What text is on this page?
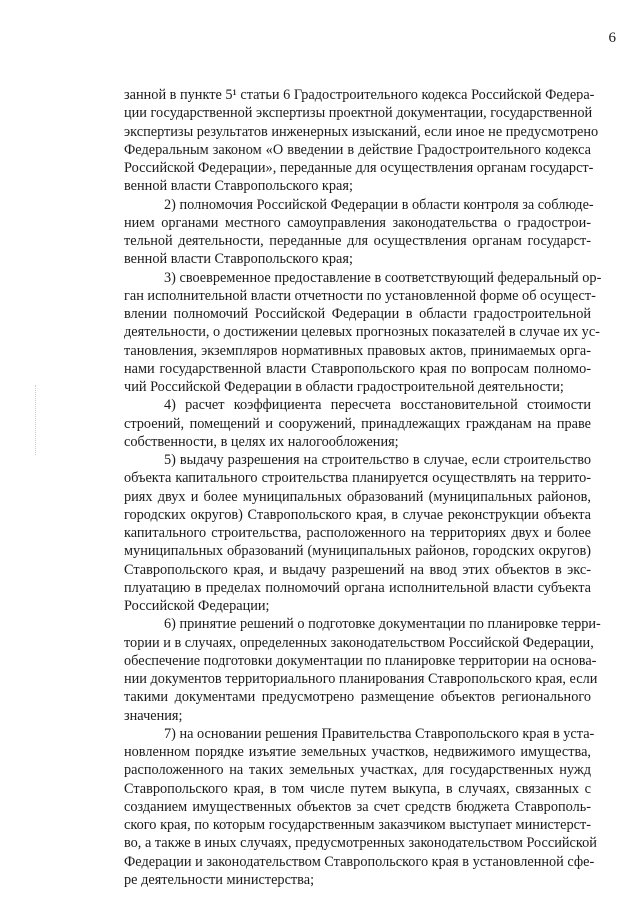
6

занной в пункте 5¹ статьи 6 Градостроительного кодекса Российской Федера-
ции государственной экспертизы проектной документации, государственной
экспертизы результатов инженерных изысканий, если иное не предусмотрено
Федеральным законом «О введении в действие Градостроительного кодекса
Российской Федерации», переданные для осуществления органам государст-
венной власти Ставропольского края;

2) полномочия Российской Федерации в области контроля за соблюде-
нием органами местного самоуправления законодательства о градострои-
тельной деятельности, переданные для осуществления органам государст-
венной власти Ставропольского края;

3) своевременное предоставление в соответствующий федеральный ор-
ган исполнительной власти отчетности по установленной форме об осущест-
влении полномочий Российской Федерации в области градостроительной
деятельности, о достижении целевых прогнозных показателей в случае их ус-
тановления, экземпляров нормативных правовых актов, принимаемых орга-
нами государственной власти Ставропольского края по вопросам полномо-
чий Российской Федерации в области градостроительной деятельности;

4) расчет коэффициента пересчета восстановительной стоимости
строений, помещений и сооружений, принадлежащих гражданам на праве
собственности, в целях их налогообложения;

5) выдачу разрешения на строительство в случае, если строительство
объекта капитального строительства планируется осуществлять на террито-
риях двух и более муниципальных образований (муниципальных районов,
городских округов) Ставропольского края, в случае реконструкции объекта
капитального строительства, расположенного на территориях двух и более
муниципальных образований (муниципальных районов, городских округов)
Ставропольского края, и выдачу разрешений на ввод этих объектов в экс-
плуатацию в пределах полномочий органа исполнительной власти субъекта
Российской Федерации;

6) принятие решений о подготовке документации по планировке терри-
тории и в случаях, определенных законодательством Российской Федерации,
обеспечение подготовки документации по планировке территории на основа-
нии документов территориального планирования Ставропольского края, если
такими документами предусмотрено размещение объектов регионального
значения;

7) на основании решения Правительства Ставропольского края в уста-
новленном порядке изъятие земельных участков, недвижимого имущества,
расположенного на таких земельных участках, для государственных нужд
Ставропольского края, в том числе путем выкупа, в случаях, связанных с
созданием имущественных объектов за счет средств бюджета Ставрополь-
ского края, по которым государственным заказчиком выступает министерст-
во, а также в иных случаях, предусмотренных законодательством Российской
Федерации и законодательством Ставропольского края в установленной сфе-
ре деятельности министерства;
